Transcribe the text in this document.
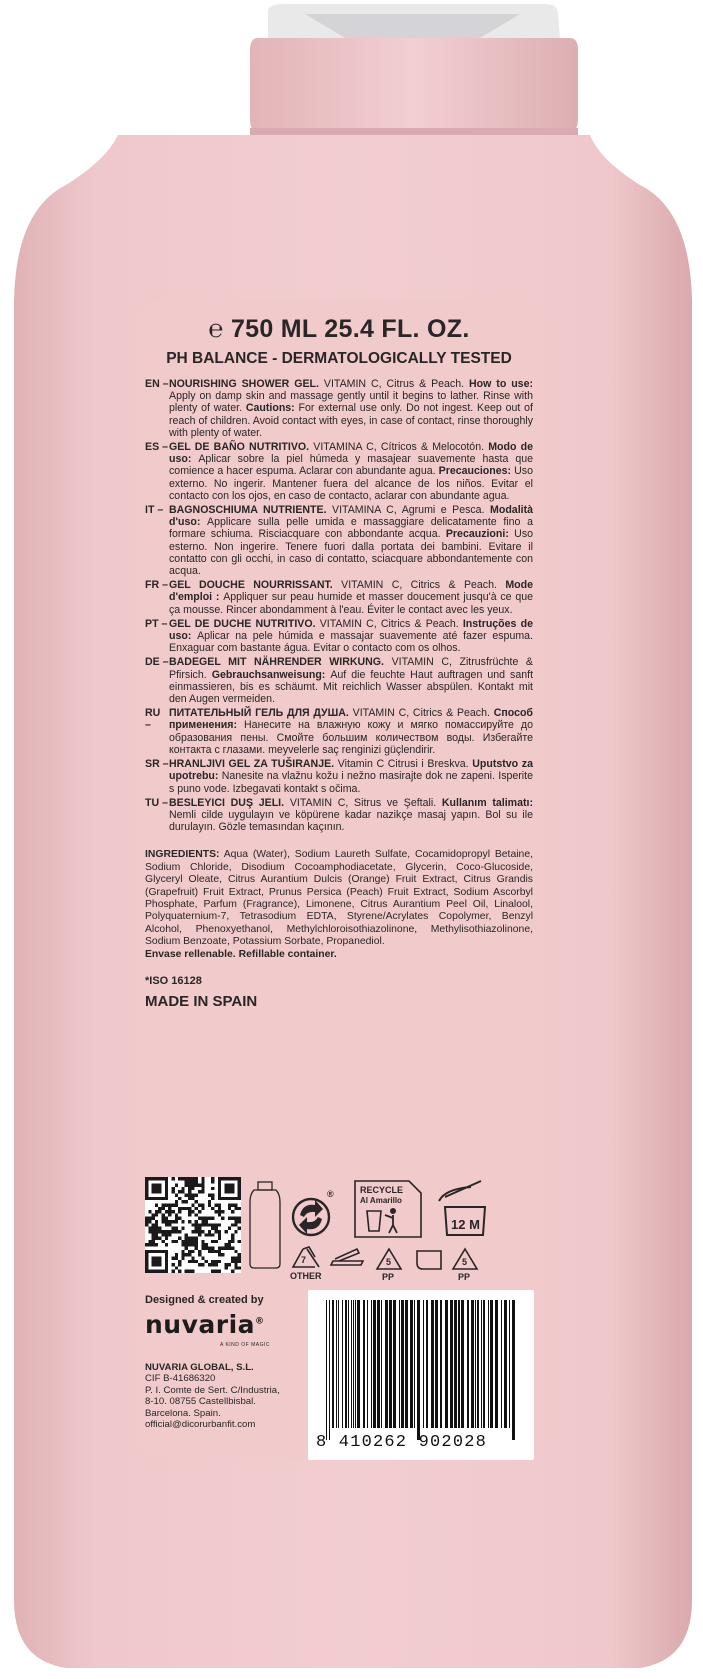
℮ 750 ML 25.4 FL. OZ.
PH BALANCE - DERMATOLOGICALLY TESTED
EN – NOURISHING SHOWER GEL. VITAMIN C, Citrus & Peach. How to use: Apply on damp skin and massage gently until it begins to lather. Rinse with plenty of water. Cautions: For external use only. Do not ingest. Keep out of reach of children. Avoid contact with eyes, in case of contact, rinse thoroughly with plenty of water.
ES – GEL DE BAÑO NUTRITIVO. VITAMINA C, Cítricos & Melocotón. Modo de uso: Aplicar sobre la piel húmeda y masajear suavemente hasta que comience a hacer espuma. Aclarar con abundante agua. Precauciones: Uso externo. No ingerir. Mantener fuera del alcance de los niños. Evitar el contacto con los ojos, en caso de contacto, aclarar con abundante agua.
IT – BAGNOSCHIUMA NUTRIENTE. VITAMINA C, Agrumi e Pesca. Modalità d'uso: Applicare sulla pelle umida e massaggiare delicatamente fino a formare schiuma. Risciacquare con abbondante acqua. Precauzioni: Uso esterno. Non ingerire. Tenere fuori dalla portata dei bambini. Evitare il contatto con gli occhi, in caso di contatto, sciacquare abbondantemente con acqua.
FR – GEL DOUCHE NOURRISSANT. VITAMIN C, Citrics & Peach. Mode d'emploi : Appliquer sur peau humide et masser doucement jusqu'à ce que ça mousse. Rincer abondamment à l'eau. Éviter le contact avec les yeux.
PT – GEL DE DUCHE NUTRITIVO. VITAMIN C, Citrics & Peach. Instruções de uso: Aplicar na pele húmida e massajar suavemente até fazer espuma. Enxaguar com bastante água. Evitar o contacto com os olhos.
DE – BADEGEL MIT NÄHRENDER WIRKUNG. VITAMIN C, Zitrusfrüchte & Pfirsich. Gebrauchsanweisung: Auf die feuchte Haut auftragen und sanft einmassieren, bis es schäumt. Mit reichlich Wasser abspülen. Kontakt mit den Augen vermeiden.
RU –
ПИТАТЕЛЬНЫЙ ГЕЛЬ ДЛЯ ДУША. VITAMIN C, Citrics & Peach. Способ применения: Нанесите на влажную кожу и мягко помассируйте до образования пены. Смойте большим количеством воды. Избегайте контакта с глазами. meyvelerle saç renginizi güçlendirir.
SR – HRANLJIVI GEL ZA TUŠIRANJE. Vitamin C Citrusi i Breskva. Uputstvo za upotrebu: Nanesite na vlažnu kožu i nežno masirajte dok ne zapeni. Isperite s puno vode. Izbegavati kontakt s očima.
TU – BESLEYICI DUŞ JELI. VITAMIN C, Sitrus ve Şeftali. Kullanım talimatı: Nemli cilde uygulayın ve köpürene kadar nazikçe masaj yapın. Bol su ile durulayın. Gözle temasından kaçının.
INGREDIENTS: Aqua (Water), Sodium Laureth Sulfate, Cocamidopropyl Betaine, Sodium Chloride, Disodium Cocoamphodiacetate, Glycerin, Coco-Glucoside, Glyceryl Oleate, Citrus Aurantium Dulcis (Orange) Fruit Extract, Citrus Grandis (Grapefruit) Fruit Extract, Prunus Persica (Peach) Fruit Extract, Sodium Ascorbyl Phosphate, Parfum (Fragrance), Limonene, Citrus Aurantium Peel Oil, Linalool, Polyquaternium-7, Tetrasodium EDTA, Styrene/Acrylates Copolymer, Benzyl Alcohol, Phenoxyethanol, Methylchloroisothiazolinone, Methylisothiazolinone, Sodium Benzoate, Potassium Sorbate, Propanediol.
Envase rellenable. Refillable container.
*ISO 16128
MADE IN SPAIN
®	RECYCLE
Al Amarillo
12 M
7
OTHER
5
PP
5
PP
Designed & created by
nuvaria®
A KIND OF MAGIC
NUVARIA GLOBAL, S.L.
CIF B-41686320
P. I. Comte de Sert. C/Industria,
8-10. 08755 Castellbisbal.
Barcelona. Spain.
official@dicorurbanfit.com
8 410262 902028
